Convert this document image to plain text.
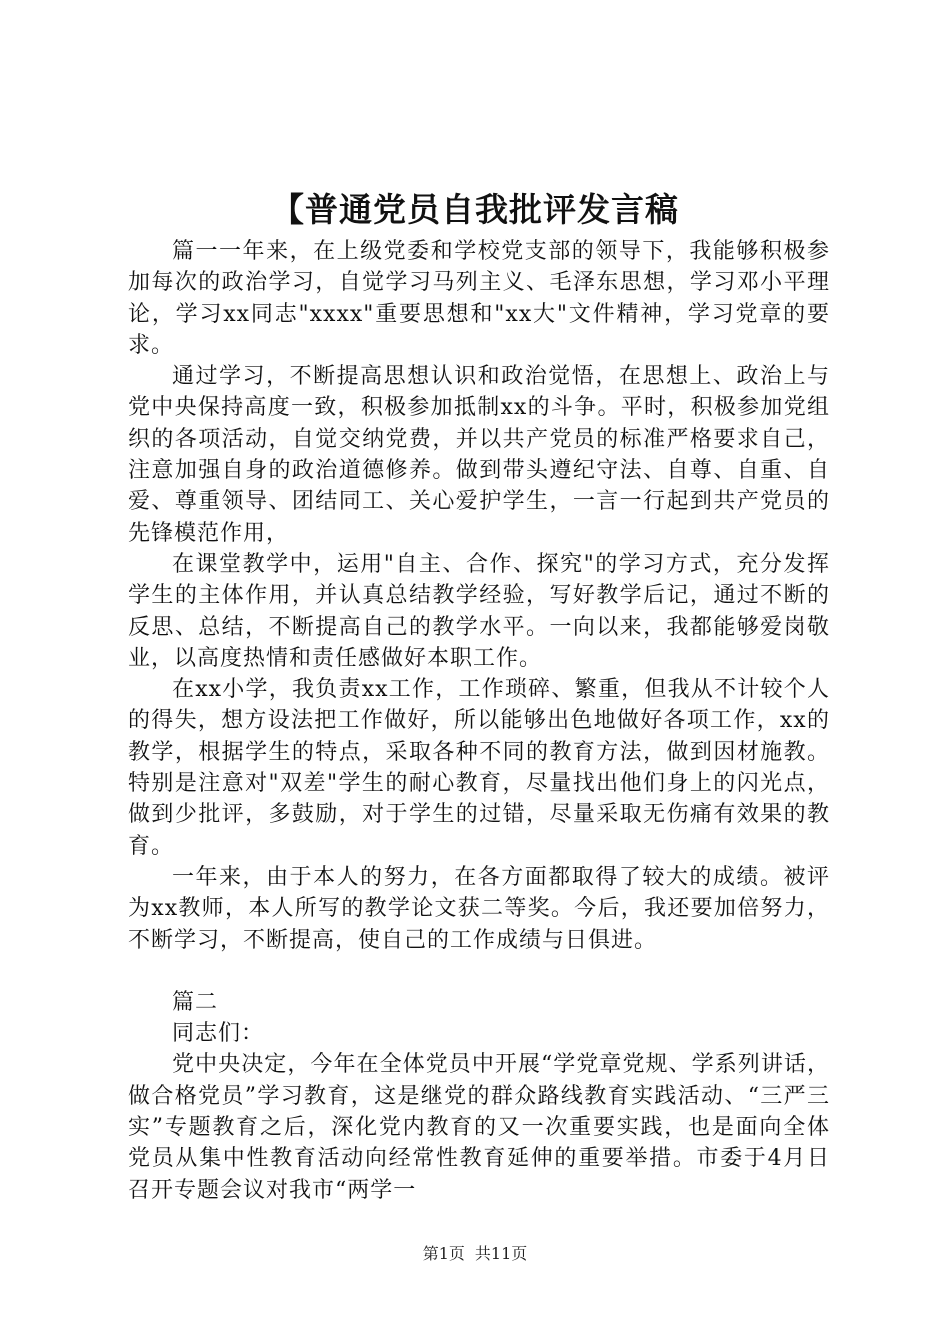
【普通党员自我批评发言稿

篇一一年来，在上级党委和学校党支部的领导下，我能够积极参加每次的政治学习，自觉学习马列主义、毛泽东思想，学习邓小平理论，学习xx同志"xxxx"重要思想和"xx大"文件精神，学习党章的要求。

通过学习，不断提高思想认识和政治觉悟，在思想上、政治上与党中央保持高度一致，积极参加抵制xx的斗争。平时，积极参加党组织的各项活动，自觉交纳党费，并以共产党员的标准严格要求自己，注意加强自身的政治道德修养。做到带头遵纪守法、自尊、自重、自爱、尊重领导、团结同工、关心爱护学生，一言一行起到共产党员的先锋模范作用，

在课堂教学中，运用"自主、合作、探究"的学习方式，充分发挥学生的主体作用，并认真总结教学经验，写好教学后记，通过不断的反思、总结，不断提高自己的教学水平。一向以来，我都能够爱岗敬业，以高度热情和责任感做好本职工作。

在xx小学，我负责xx工作，工作琐碎、繁重，但我从不计较个人的得失，想方设法把工作做好，所以能够出色地做好各项工作，xx的教学，根据学生的特点，采取各种不同的教育方法，做到因材施教。特别是注意对"双差"学生的耐心教育，尽量找出他们身上的闪光点，做到少批评，多鼓励，对于学生的过错，尽量采取无伤痛有效果的教育。

一年来，由于本人的努力，在各方面都取得了较大的成绩。被评为xx教师，本人所写的教学论文获二等奖。今后，我还要加倍努力，不断学习，不断提高，使自己的工作成绩与日俱进。

篇二

同志们：

党中央决定，今年在全体党员中开展“学党章党规、学系列讲话，做合格党员”学习教育，这是继党的群众路线教育实践活动、“三严三实”专题教育之后，深化党内教育的又一次重要实践，也是面向全体党员从集中性教育活动向经常性教育延伸的重要举措。市委于4月日召开专题会议对我市“两学一

第1页 共11页
